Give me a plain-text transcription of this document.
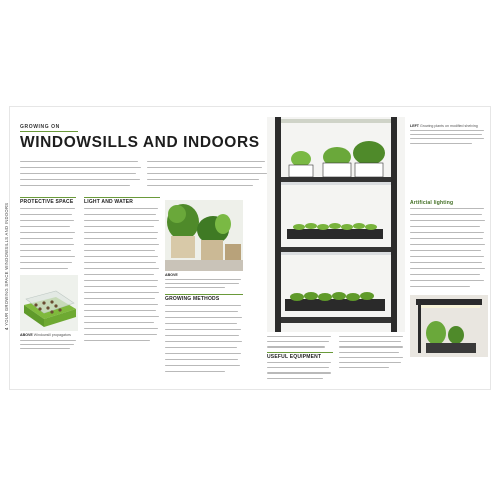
4 YOUR GROWING SPACE WINDOWSILLS AND INDOORS
GROWING ON
WINDOWSILLS AND INDOORS
PROTECTIVE SPACE
ABOVE Windowsill propagators
LIGHT AND WATER
ABOVE
GROWING METHODS
LEFT Growing plants on modified shelving
Artificial lighting
USEFUL EQUIPMENT
